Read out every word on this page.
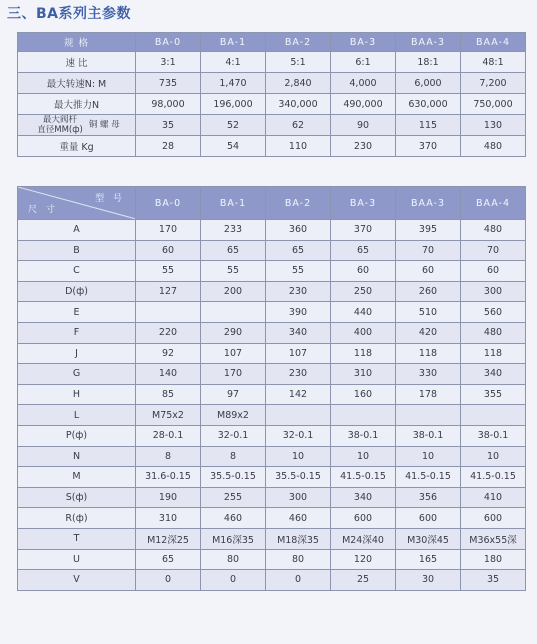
三、BA系列主参数
规 格	BA-0	BA-1	BA-2	BA-3	BAA-3	BAA-4
速 比	3:1	4:1	5:1	6:1	18:1	48:1
最大转速N: M	735	1,470	2,840	4,000	6,000	7,200
最大推力N	98,000	196,000	340,000	490,000	630,000	750,000

最大阀杆
直径MM(ф) 铜 螺 母	35	52	62	90	115	130
重量 Kg	28	54	110	230	370	480
型 号
尺 寸	BA-0	BA-1	BA-2	BA-3	BAA-3	BAA-4
A	170	233	360	370	395	480
B	60	65	65	65	70	70
C	55	55	55	60	60	60
D(ф)	127	200	230	250	260	300
E			390	440	510	560
F	220	290	340	400	420	480
J	92	107	107	118	118	118
G	140	170	230	310	330	340
H	85	97	142	160	178	355
L	M75x2	M89x2				
P(ф)	28-0.1	32-0.1	32-0.1	38-0.1	38-0.1	38-0.1
N	8	8	10	10	10	10
M	31.6-0.15	35.5-0.15	35.5-0.15	41.5-0.15	41.5-0.15	41.5-0.15
S(ф)	190	255	300	340	356	410
R(ф)	310	460	460	600	600	600
T	M12深25	M16深35	M18深35	M24深40	M30深45	M36x55深
U	65	80	80	120	165	180
V	0	0	0	25	30	35
